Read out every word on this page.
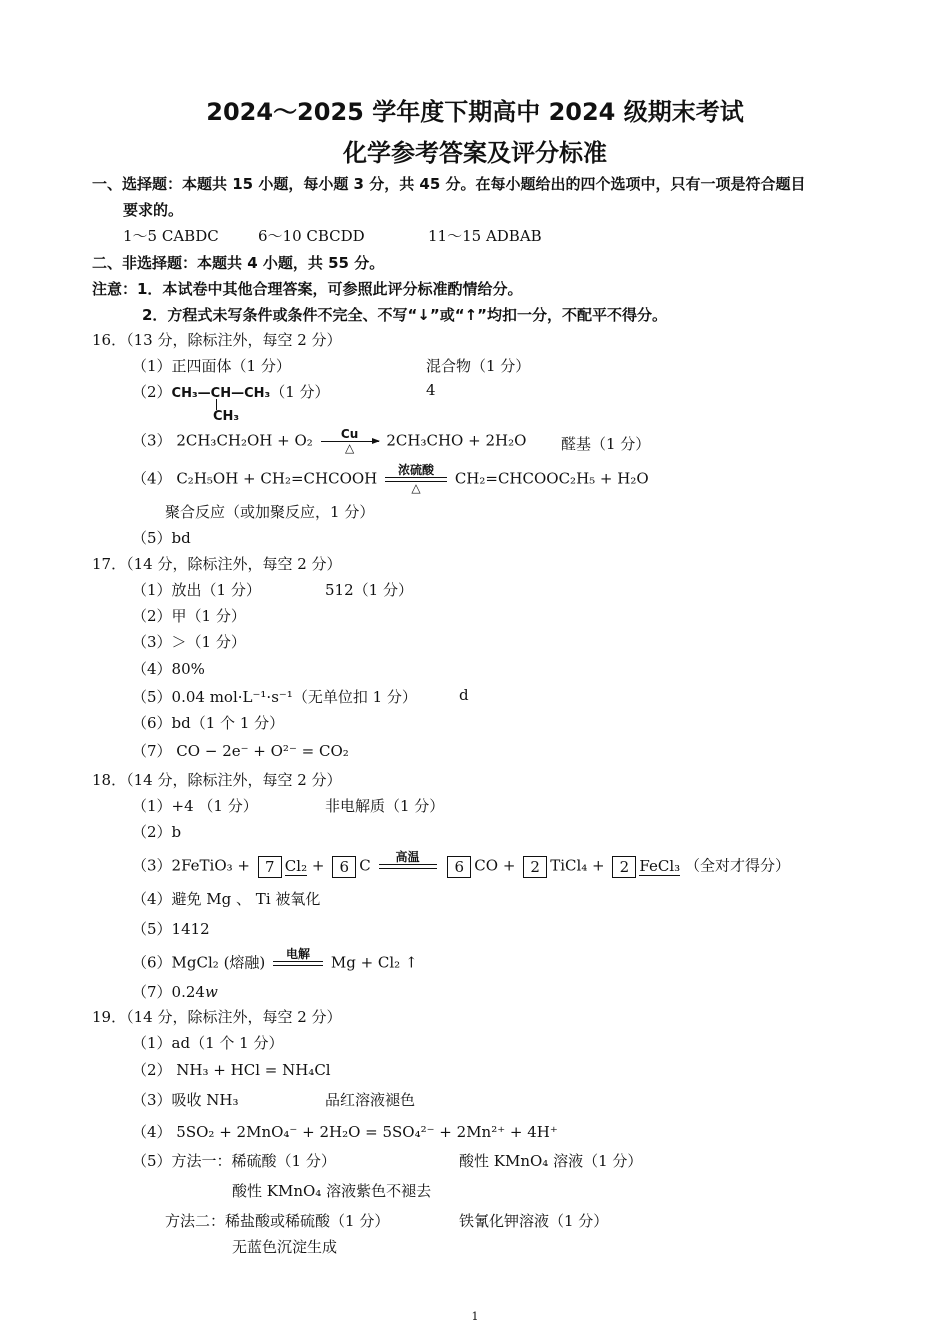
2024～2025 学年度下期高中 2024 级期末考试
化学参考答案及评分标准
一、选择题：本题共 15 小题，每小题 3 分，共 45 分。在每小题给出的四个选项中，只有一项是符合题目
要求的。
1～5 CABDC	6～10 CBCDD	11～15 ADBAB
二、非选择题：本题共 4 小题，共 55 分。
注意：1．本试卷中其他合理答案，可参照此评分标准酌情给分。
2．方程式未写条件或条件不完全、不写“↓”或“↑”均扣一分，不配平不得分。
16．（13 分，除标注外，每空 2 分）
（1）正四面体（1 分）	混合物（1 分）
（2）CH₃—CH—CH₃（1 分）
CH₃
4
（3） 2CH₃CH₂OH + O₂	Cu
△	2CH₃CHO + 2H₂O 醛基（1 分）
（4） C₂H₅OH + CH₂=CHCOOH	浓硫酸
△
CH₂=CHCOOC₂H₅ + H₂O
聚合反应（或加聚反应，1 分）
（5）bd
17．（14 分，除标注外，每空 2 分）
（1）放出（1 分）	512（1 分）
（2）甲（1 分）
（3）＞（1 分）
（4）80%
（5）0.04 mol·L⁻¹·s⁻¹（无单位扣 1 分）	d
（6）bd（1 个 1 分）
（7） CO − 2e⁻ + O²⁻ = CO₂
18．（14 分，除标注外，每空 2 分）
（1）+4 （1 分）	非电解质（1 分）
（2）b
（3）2FeTiO₃ + 7 Cl₂ + 6 C	高温

6 CO + 2 TiCl₄ + 2 FeCl₃ （全对才得分）
（4）避免 Mg 、 Ti 被氧化
（5）1412
（6）MgCl₂ (熔融)	电解
	Mg + Cl₂ ↑
（7）0.24w
19．（14 分，除标注外，每空 2 分）
（1）ad（1 个 1 分）
（2） NH₃ + HCl = NH₄Cl
（3）吸收 NH₃	品红溶液褪色
（4） 5SO₂ + 2MnO₄⁻ + 2H₂O = 5SO₄²⁻ + 2Mn²⁺ + 4H⁺
（5）方法一：稀硫酸（1 分）	酸性 KMnO₄ 溶液（1 分）
酸性 KMnO₄ 溶液紫色不褪去
方法二：稀盐酸或稀硫酸（1 分）	铁氰化钾溶液（1 分）
无蓝色沉淀生成
1
